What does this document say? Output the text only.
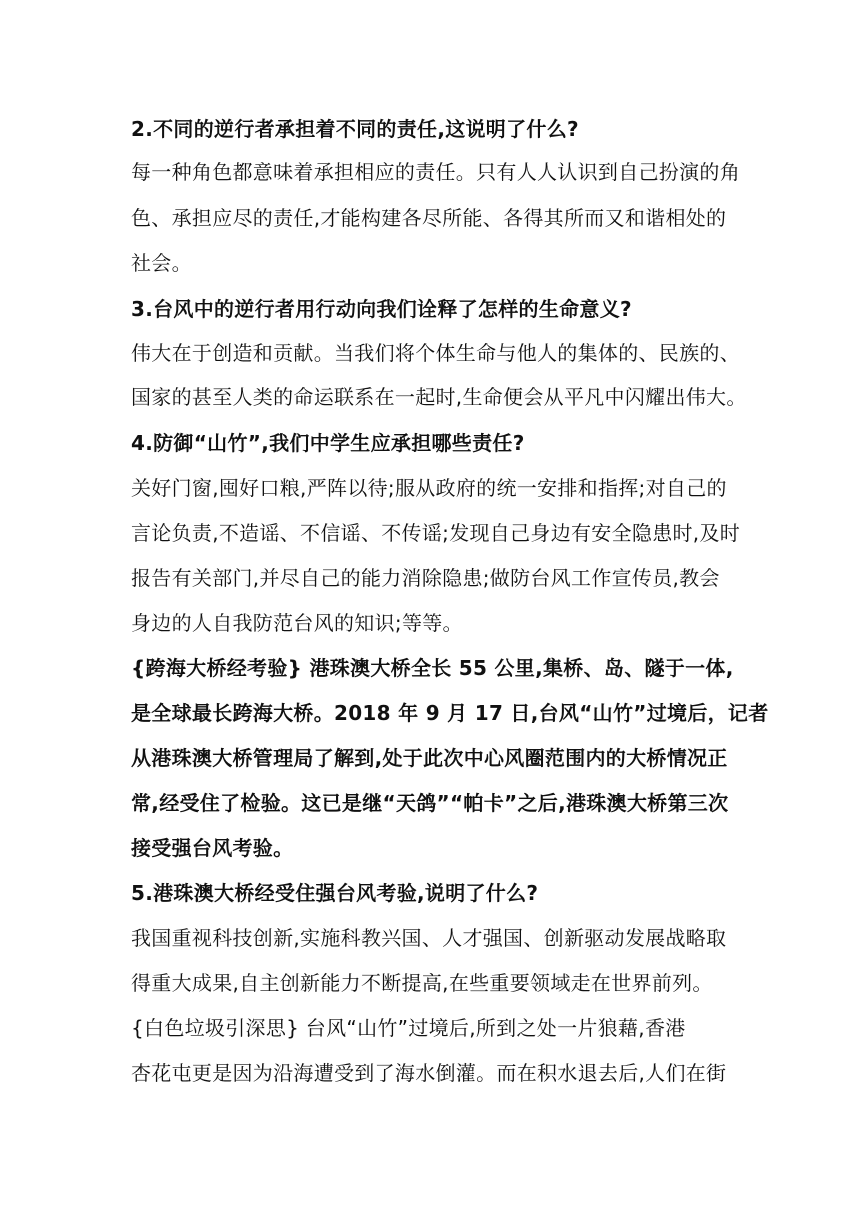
2.不同的逆行者承担着不同的责任,这说明了什么?
每一种角色都意味着承担相应的责任。只有人人认识到自己扮演的角
色、承担应尽的责任,才能构建各尽所能、各得其所而又和谐相处的
社会。
3.台风中的逆行者用行动向我们诠释了怎样的生命意义?
伟大在于创造和贡献。当我们将个体生命与他人的集体的、民族的、
国家的甚至人类的命运联系在一起时,生命便会从平凡中闪耀出伟大。
4.防御“山竹”,我们中学生应承担哪些责任?
关好门窗,囤好口粮,严阵以待;服从政府的统一安排和指挥;对自己的
言论负责,不造谣、不信谣、不传谣;发现自己身边有安全隐患时,及时
报告有关部门,并尽自己的能力消除隐患;做防台风工作宣传员,教会
身边的人自我防范台风的知识;等等。
{跨海大桥经考验} 港珠澳大桥全长 55 公里,集桥、岛、隧于一体,
是全球最长跨海大桥。2018 年 9 月 17 日,台风“山竹”过境后，记者
从港珠澳大桥管理局了解到,处于此次中心风圈范围内的大桥情况正
常,经受住了检验。这已是继“天鸽”“帕卡”之后,港珠澳大桥第三次
接受强台风考验。
5.港珠澳大桥经受住强台风考验,说明了什么?
我国重视科技创新,实施科教兴国、人才强国、创新驱动发展战略取
得重大成果,自主创新能力不断提高,在些重要领域走在世界前列。
{白色垃圾引深思} 台风“山竹”过境后,所到之处一片狼藉,香港
杏花屯更是因为沿海遭受到了海水倒灌。而在积水退去后,人们在街
